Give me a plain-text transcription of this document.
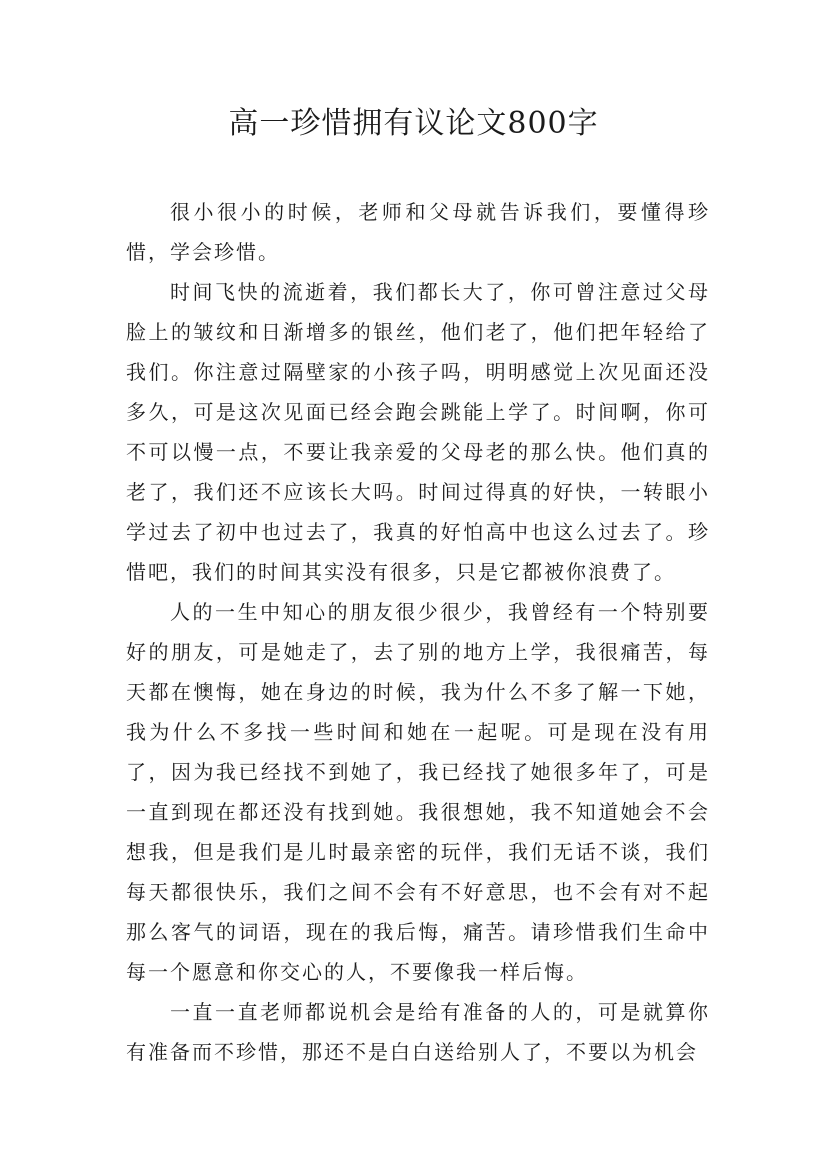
高一珍惜拥有议论文800字

很小很小的时候，老师和父母就告诉我们，要懂得珍惜，学会珍惜。

时间飞快的流逝着，我们都长大了，你可曾注意过父母脸上的皱纹和日渐增多的银丝，他们老了，他们把年轻给了我们。你注意过隔壁家的小孩子吗，明明感觉上次见面还没多久，可是这次见面已经会跑会跳能上学了。时间啊，你可不可以慢一点，不要让我亲爱的父母老的那么快。他们真的老了，我们还不应该长大吗。时间过得真的好快，一转眼小学过去了初中也过去了，我真的好怕高中也这么过去了。珍惜吧，我们的时间其实没有很多，只是它都被你浪费了。

人的一生中知心的朋友很少很少，我曾经有一个特别要好的朋友，可是她走了，去了别的地方上学，我很痛苦，每天都在懊悔，她在身边的时候，我为什么不多了解一下她，我为什么不多找一些时间和她在一起呢。可是现在没有用了，因为我已经找不到她了，我已经找了她很多年了，可是一直到现在都还没有找到她。我很想她，我不知道她会不会想我，但是我们是儿时最亲密的玩伴，我们无话不谈，我们每天都很快乐，我们之间不会有不好意思，也不会有对不起那么客气的词语，现在的我后悔，痛苦。请珍惜我们生命中每一个愿意和你交心的人，不要像我一样后悔。

一直一直老师都说机会是给有准备的人的，可是就算你有准备而不珍惜，那还不是白白送给别人了，不要以为机会
